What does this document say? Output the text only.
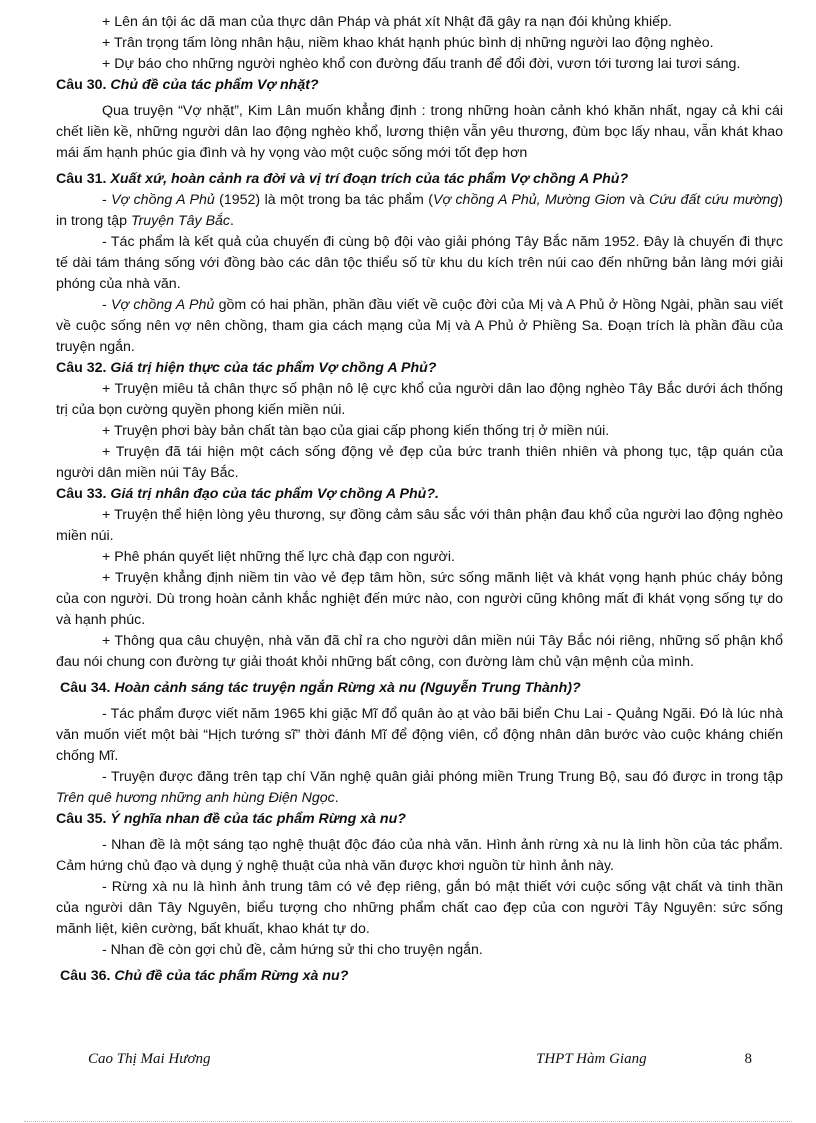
+ Lên án tội ác dã man của thực dân Pháp và phát xít Nhật đã gây ra nạn đói khủng khiếp.

+ Trân trọng tấm lòng nhân hậu, niềm khao khát hạnh phúc bình dị những người lao động nghèo.

+ Dự báo cho những người nghèo khổ con đường đấu tranh để đổi đời, vươn tới tương lai tươi sáng.

Câu 30. Chủ đề của tác phẩm Vợ nhặt?

Qua truyện “Vợ nhặt”, Kim Lân muốn khẳng định : trong những hoàn cảnh khó khăn nhất, ngay cả khi cái chết liền kề, những người dân lao động nghèo khổ, lương thiện vẫn yêu thương, đùm bọc lấy nhau, vẫn khát khao mái ấm hạnh phúc gia đình và hy vọng vào một cuộc sống mới tốt đẹp hơn

Câu 31. Xuất xứ, hoàn cảnh ra đời và vị trí đoạn trích của tác phẩm Vợ chồng A Phủ?

- Vợ chồng A Phủ (1952) là một trong ba tác phẩm (Vợ chồng A Phủ, Mường Giơn và Cứu đất cứu mường) in trong tập Truyện Tây Bắc.

- Tác phẩm là kết quả của chuyến đi cùng bộ đội vào giải phóng Tây Bắc năm 1952. Đây là chuyến đi thực tế dài tám tháng sống với đồng bào các dân tộc thiểu số từ khu du kích trên núi cao đến những bản làng mới giải phóng của nhà văn.

- Vợ chồng A Phủ gồm có hai phần, phần đầu viết về cuộc đời của Mị và A Phủ ở Hồng Ngài, phần sau viết về cuộc sống nên vợ nên chồng, tham gia cách mạng của Mị và A Phủ ở Phiềng Sa. Đoạn trích là phần đầu của truyện ngắn.

Câu 32. Giá trị hiện thực của tác phẩm Vợ chồng A Phủ?

+ Truyện miêu tả chân thực số phận nô lệ cực khổ của người dân lao động nghèo Tây Bắc dưới ách thống trị của bọn cường quyền phong kiến miền núi.

+ Truyện phơi bày bản chất tàn bạo của giai cấp phong kiến thống trị ở miền núi.

+ Truyện đã tái hiện một cách sống động vẻ đẹp của bức tranh thiên nhiên và phong tục, tập quán của người dân miền núi Tây Bắc.

Câu 33. Giá trị nhân đạo của tác phẩm Vợ chồng A Phủ?.

+ Truyện thể hiện lòng yêu thương, sự đồng cảm sâu sắc với thân phận đau khổ của người lao động nghèo miền núi.

+ Phê phán quyết liệt những thế lực chà đạp con người.

+ Truyện khẳng định niềm tin vào vẻ đẹp tâm hồn, sức sống mãnh liệt và khát vọng hạnh phúc cháy bỏng của con người. Dù trong hoàn cảnh khắc nghiệt đến mức nào, con người cũng không mất đi khát vọng sống tự do và hạnh phúc.

+ Thông qua câu chuyện, nhà văn đã chỉ ra cho người dân miền núi Tây Bắc nói riêng, những số phận khổ đau nói chung con đường tự giải thoát khỏi những bất công, con đường làm chủ vận mệnh của mình.

Câu 34. Hoàn cảnh sáng tác truyện ngắn Rừng xà nu (Nguyễn Trung Thành)?

- Tác phẩm được viết năm 1965 khi giặc Mĩ đổ quân ào ạt vào bãi biển Chu Lai - Quảng Ngãi. Đó là lúc nhà văn muốn viết một bài “Hịch tướng sĩ” thời đánh Mĩ để động viên, cổ động nhân dân bước vào cuộc kháng chiến chống Mĩ.

- Truyện được đăng trên tạp chí Văn nghệ quân giải phóng miền Trung Trung Bộ, sau đó được in trong tập Trên quê hương những anh hùng Điện Ngọc.

Câu 35. Ý nghĩa nhan đề của tác phẩm Rừng xà nu?

- Nhan đề là một sáng tạo nghệ thuật độc đáo của nhà văn. Hình ảnh rừng xà nu là linh hồn của tác phẩm. Cảm hứng chủ đạo và dụng ý nghệ thuật của nhà văn được khơi nguồn từ hình ảnh này.

- Rừng xà nu là hình ảnh trung tâm có vẻ đẹp riêng, gắn bó mật thiết với cuộc sống vật chất và tinh thần của người dân Tây Nguyên, biểu tượng cho những phẩm chất cao đẹp của con người Tây Nguyên: sức sống mãnh liệt, kiên cường, bất khuất, khao khát tự do.

- Nhan đề còn gợi chủ đề, cảm hứng sử thi cho truyện ngắn.

Câu 36. Chủ đề của tác phẩm Rừng xà nu?

Cao Thị Mai Hương	THPT Hàm Giang	8
